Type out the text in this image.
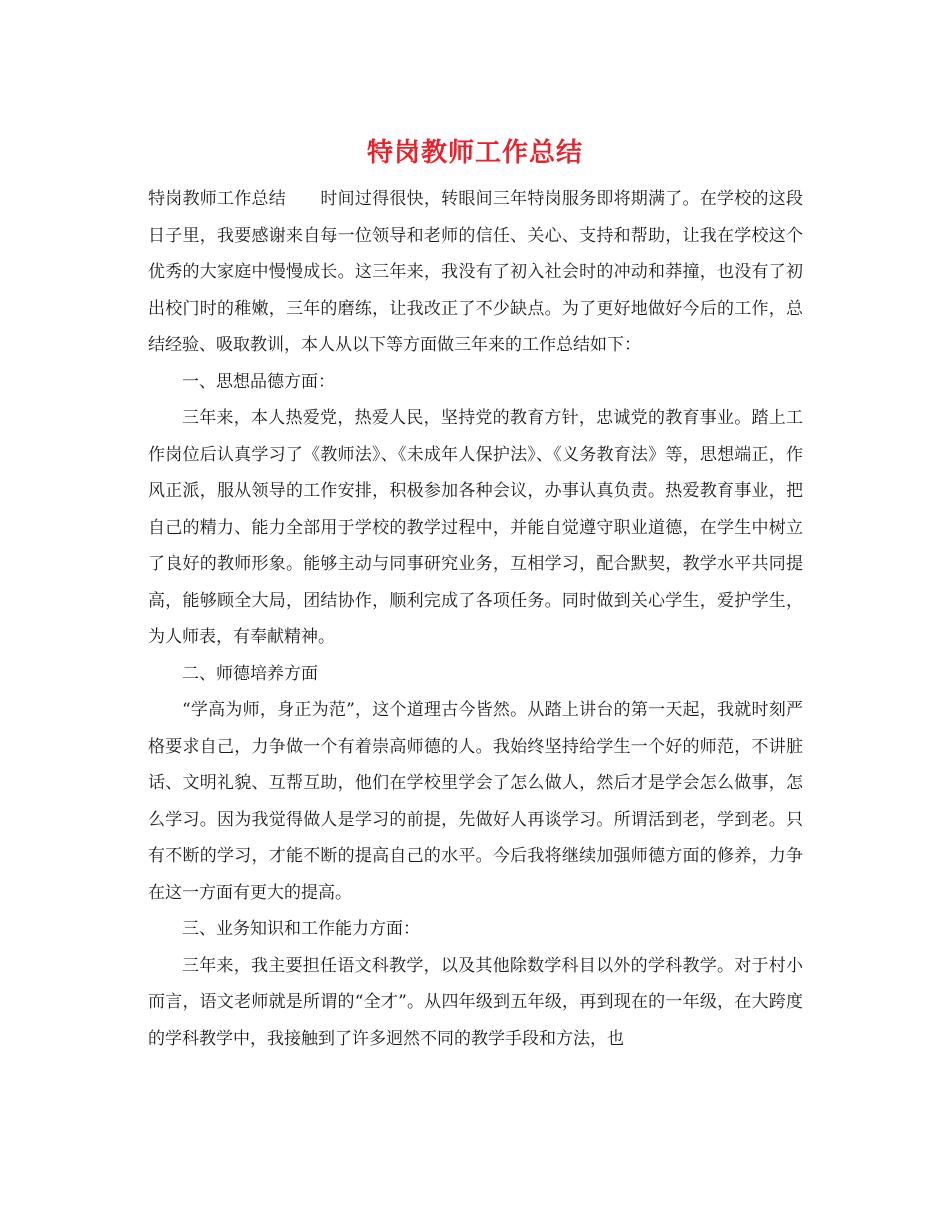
特岗教师工作总结

特岗教师工作总结　　时间过得很快，转眼间三年特岗服务即将期满了。在学校的这段日子里，我要感谢来自每一位领导和老师的信任、关心、支持和帮助，让我在学校这个优秀的大家庭中慢慢成长。这三年来，我没有了初入社会时的冲动和莽撞，也没有了初出校门时的稚嫩，三年的磨练，让我改正了不少缺点。为了更好地做好今后的工作，总结经验、吸取教训，本人从以下等方面做三年来的工作总结如下：

一、思想品德方面：

三年来，本人热爱党，热爱人民，坚持党的教育方针，忠诚党的教育事业。踏上工作岗位后认真学习了《教师法》、《未成年人保护法》、《义务教育法》等，思想端正，作风正派，服从领导的工作安排，积极参加各种会议，办事认真负责。热爱教育事业，把自己的精力、能力全部用于学校的教学过程中，并能自觉遵守职业道德，在学生中树立了良好的教师形象。能够主动与同事研究业务，互相学习，配合默契，教学水平共同提高，能够顾全大局，团结协作，顺利完成了各项任务。同时做到关心学生，爱护学生，为人师表，有奉献精神。

二、师德培养方面

“学高为师，身正为范”，这个道理古今皆然。从踏上讲台的第一天起，我就时刻严格要求自己，力争做一个有着崇高师德的人。我始终坚持给学生一个好的师范，不讲脏话、文明礼貌、互帮互助，他们在学校里学会了怎么做人，然后才是学会怎么做事，怎么学习。因为我觉得做人是学习的前提，先做好人再谈学习。所谓活到老，学到老。只有不断的学习，才能不断的提高自己的水平。今后我将继续加强师德方面的修养，力争在这一方面有更大的提高。

三、业务知识和工作能力方面：

三年来，我主要担任语文科教学，以及其他除数学科目以外的学科教学。对于村小而言，语文老师就是所谓的“全才”。从四年级到五年级，再到现在的一年级，在大跨度的学科教学中，我接触到了许多迥然不同的教学手段和方法，也
